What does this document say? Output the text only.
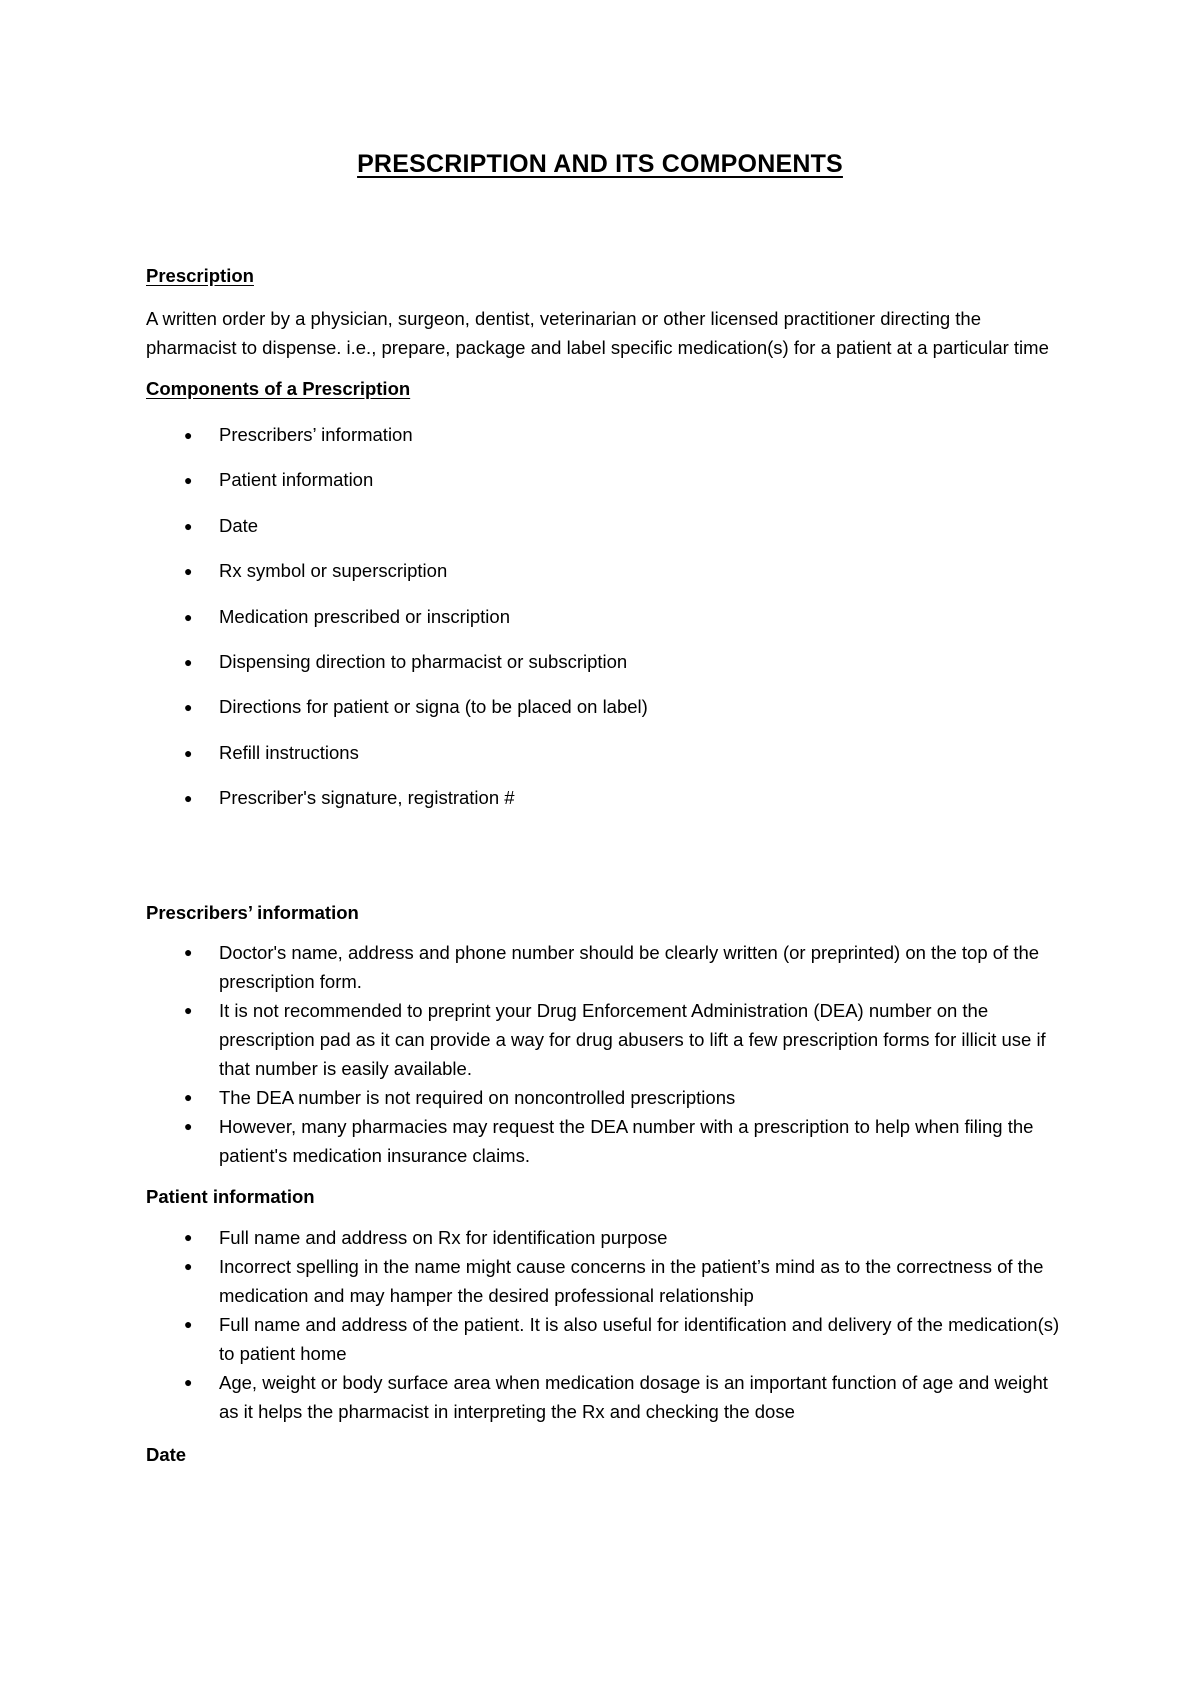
PRESCRIPTION AND ITS COMPONENTS

Prescription

A written order by a physician, surgeon, dentist, veterinarian or other licensed practitioner directing the pharmacist to dispense. i.e., prepare, package and label specific medication(s) for a patient at a particular time

Components of a Prescription

● Prescribers’ information
● Patient information
● Date
● Rx symbol or superscription
● Medication prescribed or inscription
● Dispensing direction to pharmacist or subscription
● Directions for patient or signa (to be placed on label)
● Refill instructions
● Prescriber's signature, registration #

Prescribers’ information

● Doctor's name, address and phone number should be clearly written (or preprinted) on the top of the prescription form.
● It is not recommended to preprint your Drug Enforcement Administration (DEA) number on the prescription pad as it can provide a way for drug abusers to lift a few prescription forms for illicit use if that number is easily available.
● The DEA number is not required on noncontrolled prescriptions
● However, many pharmacies may request the DEA number with a prescription to help when filing the patient's medication insurance claims.

Patient information

● Full name and address on Rx for identification purpose
● Incorrect spelling in the name might cause concerns in the patient’s mind as to the correctness of the medication and may hamper the desired professional relationship
● Full name and address of the patient. It is also useful for identification and delivery of the medication(s) to patient home
● Age, weight or body surface area when medication dosage is an important function of age and weight as it helps the pharmacist in interpreting the Rx and checking the dose

Date
